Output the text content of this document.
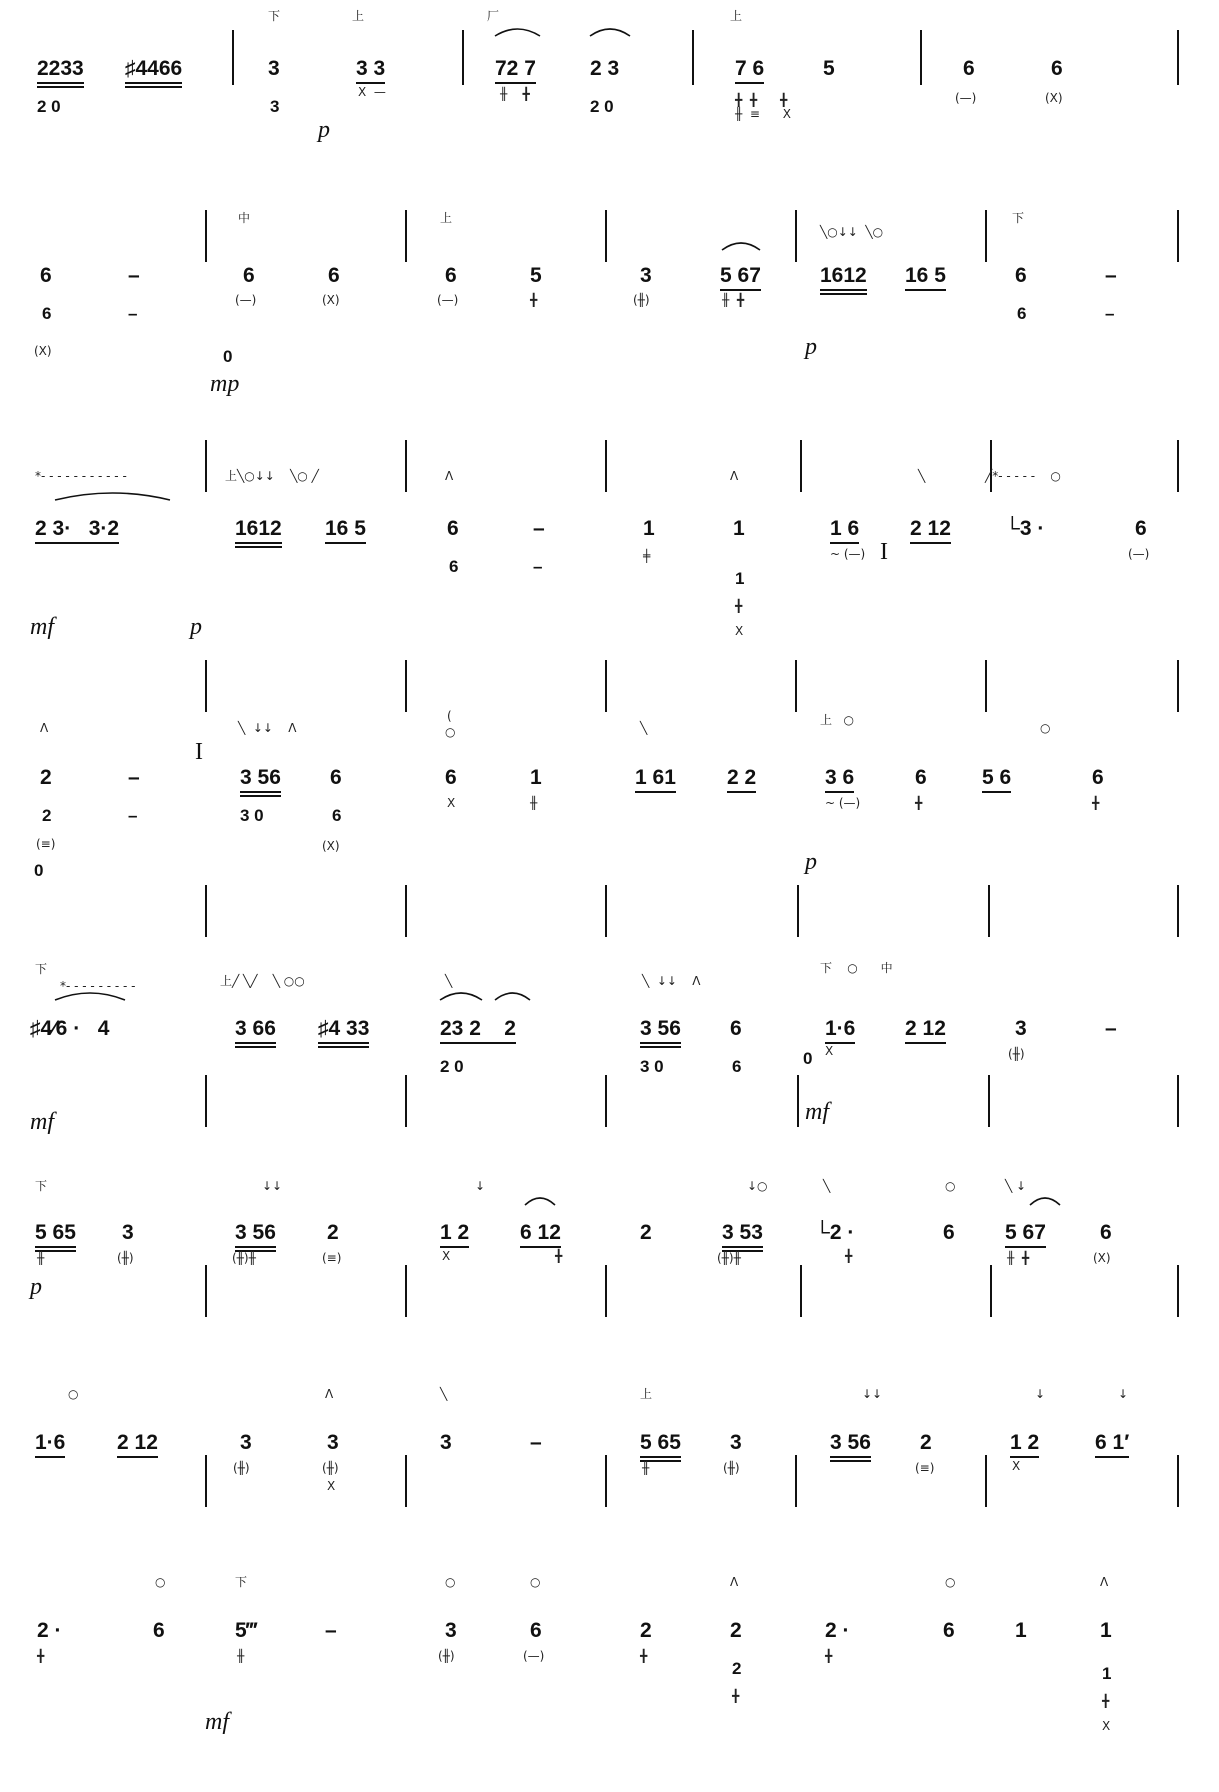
2233 ♯4466
2 0
3
3
下	上
3 3
X  —
p
厂
72 7	2 3
2 0
╫    ╋
上
7 6	5
╋  ╋      ╋
╫  ≡      X
6
(—)
6
(X)
6	–
6	–
(X)
6
中
(—)
6
(X)
0
mp
上
6
(—)
5
╋
3
(╫)
5 67
╫  ╋
p
1612 16 5
╲○↓↓  ╲○
6
6
下
–
–
*- - - - - - - - - - -
2 3·   3·2
mf	p
上╲○↓↓    ╲○ ╱
1612 16 5
Λ
6
6
–
–
1
╪
Λ
1
1
╋
X
1 6
~ (—)
╲
2 12
╱*- - - - -    ○
└3 ·	6
(—)
Λ
2
2
(≡)
0
–
–
╲  ↓↓    Λ
3 56 6
3 0	6
(X)
(
○
6
X
1
╫
╲
1 61 2 2
p
上   ○
3 6	6
~ (—)	╋
○
5 6	6
╋
下
*- - - - - - - - -
♯4⁄6 ·   4
mf
上╱ ╲╱    ╲ ○○
3 66 ♯4 33
╲
23 2    2
2 0
╲  ↓↓    Λ
3 56 6
3 0	6
下    ○      中
0
1·6
X
2 12
mf
3
(╫)
–
下
5 65 3
╫	(╫)
p
↓↓
3 56 2
(╫)╫	(≡)
↓
1 2
X
6 12
╋
2
↓○
3 53
(╫)╫
╲
└2 ·
╋
○
6
╲ ↓
5 67
╫  ╋
6
(X)
○
1·6 2 12	3
(╫)
Λ
3
(╫)
X
╲
3	–
上
5 65 3
╫	(╫)
↓↓
3 56 2
(≡)
↓
1 2
X
↓
6 1′
2 ·
╋
○
6
下
5‴
╫
mf
–
○
3
(╫)
○
6
(—)
2
╋
Λ
2
2
╋
2 ·
╋
○
6	1
Λ
1
1
╋
X
I
I
